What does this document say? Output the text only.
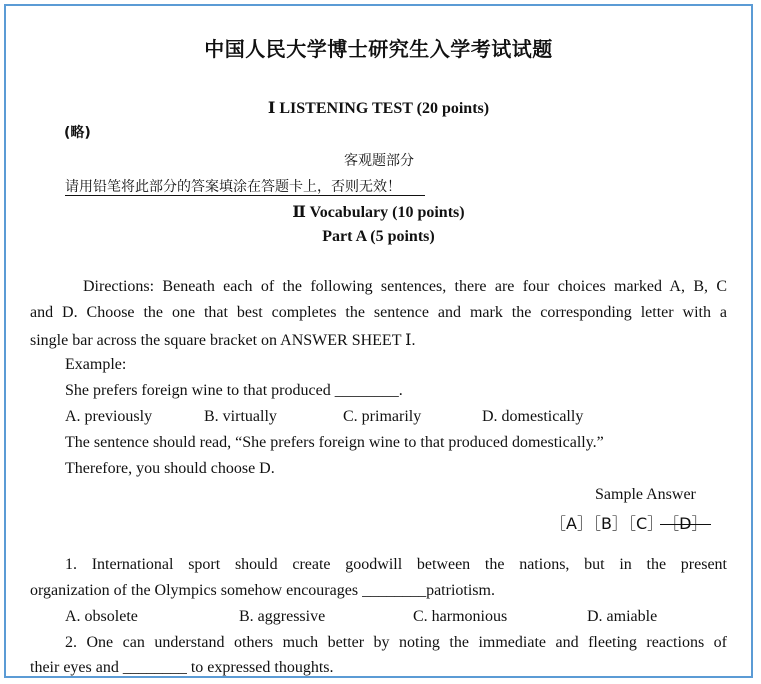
中国人民大学博士研究生入学考试试题
Ⅰ LISTENING TEST (20 points)
(略)
客观题部分
请用铅笔将此部分的答案填涂在答题卡上，否则无效！
Ⅱ Vocabulary (10 points)
Part A (5 points)
Directions: Beneath each of the following sentences, there are four choices marked A, B, C
and D. Choose the one that best completes the sentence and mark the corresponding letter with a
single bar across the square bracket on ANSWER SHEET Ⅰ.
Example:
She prefers foreign wine to that produced ________.
A. previously	B. virtually	C. primarily	D. domestically
The sentence should read, “She prefers foreign wine to that produced domestically.”
Therefore, you should choose D.
Sample Answer
［A］［B］［C］［D］
1. International sport should create goodwill between the nations, but in the present
organization of the Olympics somehow encourages ________patriotism.
A. obsolete	B. aggressive	C. harmonious	D. amiable
2. One can understand others much better by noting the immediate and fleeting reactions of
their eyes and ________ to expressed thoughts.
